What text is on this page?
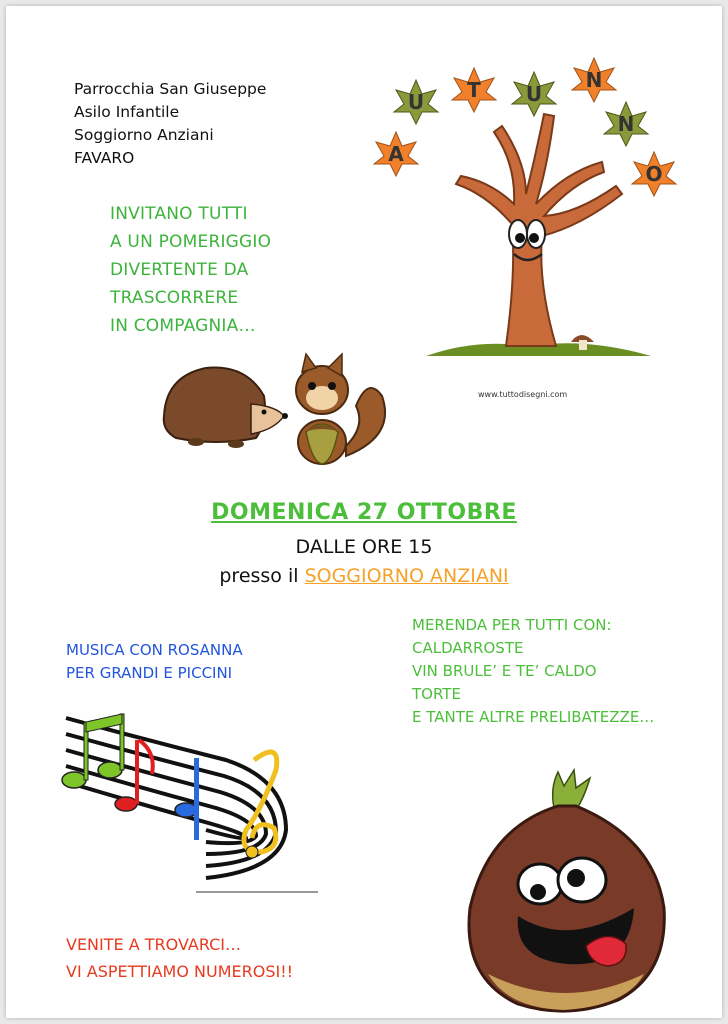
Parrocchia San Giuseppe
Asilo Infantile
Soggiorno Anziani
FAVARO
INVITANO TUTTI
A UN POMERIGGIO
DIVERTENTE DA
TRASCORRERE
IN COMPAGNIA…
A
U T U
N
N
O
www.tuttodisegni.com
DOMENICA 27 OTTOBRE
DALLE ORE 15
presso il SOGGIORNO ANZIANI
MUSICA CON ROSANNA
PER GRANDI E PICCINI
MERENDA PER TUTTI CON:
CALDARROSTE
VIN BRULE’ E TE’ CALDO
TORTE
E TANTE ALTRE PRELIBATEZZE…
VENITE A TROVARCI…
VI ASPETTIAMO NUMEROSI!!
